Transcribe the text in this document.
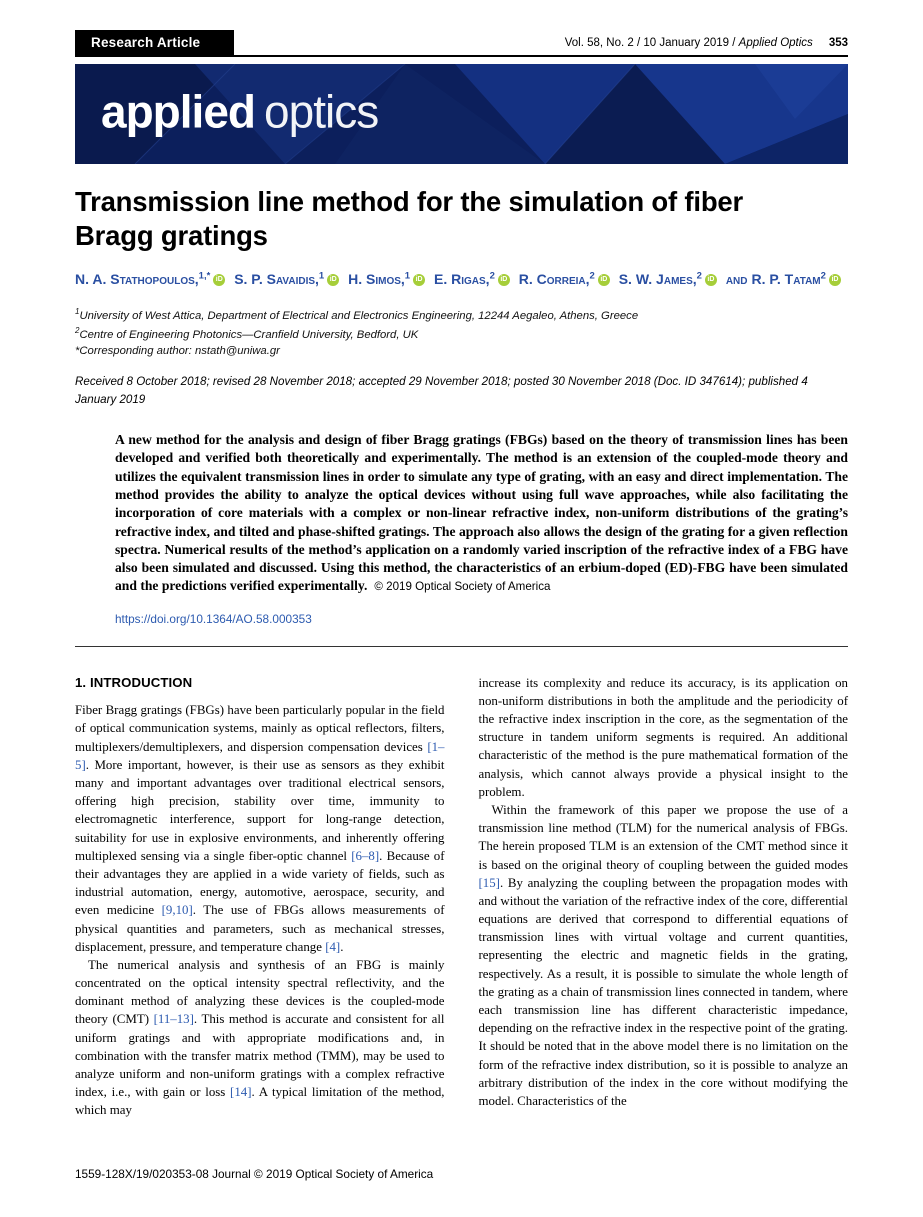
Research Article	Vol. 58, No. 2 / 10 January 2019 / Applied Optics 353
applied optics
Transmission line method for the simulation of fiber Bragg gratings
N. A. Stathopoulos,$^{1,*}$ iD S. P. Savaidis,$^1$ iD H. Simos,$^1$ iD E. Rigas,$^2$ iD R. Correia,$^2$ iD S. W. James,$^2$ iD and R. P. Tatam$^2$ iD
$^1$University of West Attica, Department of Electrical and Electronics Engineering, 12244 Aegaleo, Athens, Greece
$^2$Centre of Engineering Photonics—Cranfield University, Bedford, UK
*Corresponding author: nstath@uniwa.gr
Received 8 October 2018; revised 28 November 2018; accepted 29 November 2018; posted 30 November 2018 (Doc. ID 347614); published 4 January 2019

A new method for the analysis and design of fiber Bragg gratings (FBGs) based on the theory of transmission lines has been developed and verified both theoretically and experimentally. The method is an extension of the coupled-mode theory and utilizes the equivalent transmission lines in order to simulate any type of grating, with an easy and direct implementation. The method provides the ability to analyze the optical devices without using full wave approaches, while also facilitating the incorporation of core materials with a complex or non-linear refractive index, non-uniform distributions of the grating’s refractive index, and tilted and phase-shifted gratings. The approach also allows the design of the grating for a given reflection spectra. Numerical results of the method’s application on a randomly varied inscription of the refractive index of a FBG have also been simulated and discussed. Using this method, the characteristics of an erbium-doped (ED)-FBG have been simulated and the predictions verified experimentally. © 2019 Optical Society of America

https://doi.org/10.1364/AO.58.000353
1. INTRODUCTION

Fiber Bragg gratings (FBGs) have been particularly popular in the field of optical communication systems, mainly as optical reflectors, filters, multiplexers/demultiplexers, and dispersion compensation devices [1–5]. More important, however, is their use as sensors as they exhibit many and important advantages over traditional electrical sensors, offering high precision, stability over time, immunity to electromagnetic interference, support for long-range detection, suitability for use in explosive environments, and inherently offering multiplexed sensing via a single fiber-optic channel [6–8]. Because of their advantages they are applied in a wide variety of fields, such as industrial automation, energy, automotive, aerospace, security, and even medicine [9,10]. The use of FBGs allows measurements of physical quantities and parameters, such as mechanical stresses, displacement, pressure, and temperature change [4].

The numerical analysis and synthesis of an FBG is mainly concentrated on the optical intensity spectral reflectivity, and the dominant method of analyzing these devices is the coupled-mode theory (CMT) [11–13]. This method is accurate and consistent for all uniform gratings and with appropriate modifications and, in combination with the transfer matrix method (TMM), may be used to analyze uniform and non-uniform gratings with a complex refractive index, i.e., with gain or loss [14]. A typical limitation of the method, which may

increase its complexity and reduce its accuracy, is its application on non-uniform distributions in both the amplitude and the periodicity of the refractive index inscription in the core, as the segmentation of the structure in tandem uniform segments is required. An additional characteristic of the method is the pure mathematical formation of the analysis, which cannot always provide a physical insight to the problem.

Within the framework of this paper we propose the use of a transmission line method (TLM) for the numerical analysis of FBGs. The herein proposed TLM is an extension of the CMT method since it is based on the original theory of coupling between the guided modes [15]. By analyzing the coupling between the propagation modes with and without the variation of the refractive index of the core, differential equations are derived that correspond to differential equations of transmission lines with virtual voltage and current quantities, representing the electric and magnetic fields in the grating, respectively. As a result, it is possible to simulate the whole length of the grating as a chain of transmission lines connected in tandem, where each transmission line has different characteristic impedance, depending on the refractive index in the respective point of the grating. It should be noted that in the above model there is no limitation on the form of the refractive index distribution, so it is possible to analyze an arbitrary distribution of the index in the core without modifying the model. Characteristics of the

1559-128X/19/020353-08 Journal © 2019 Optical Society of America
